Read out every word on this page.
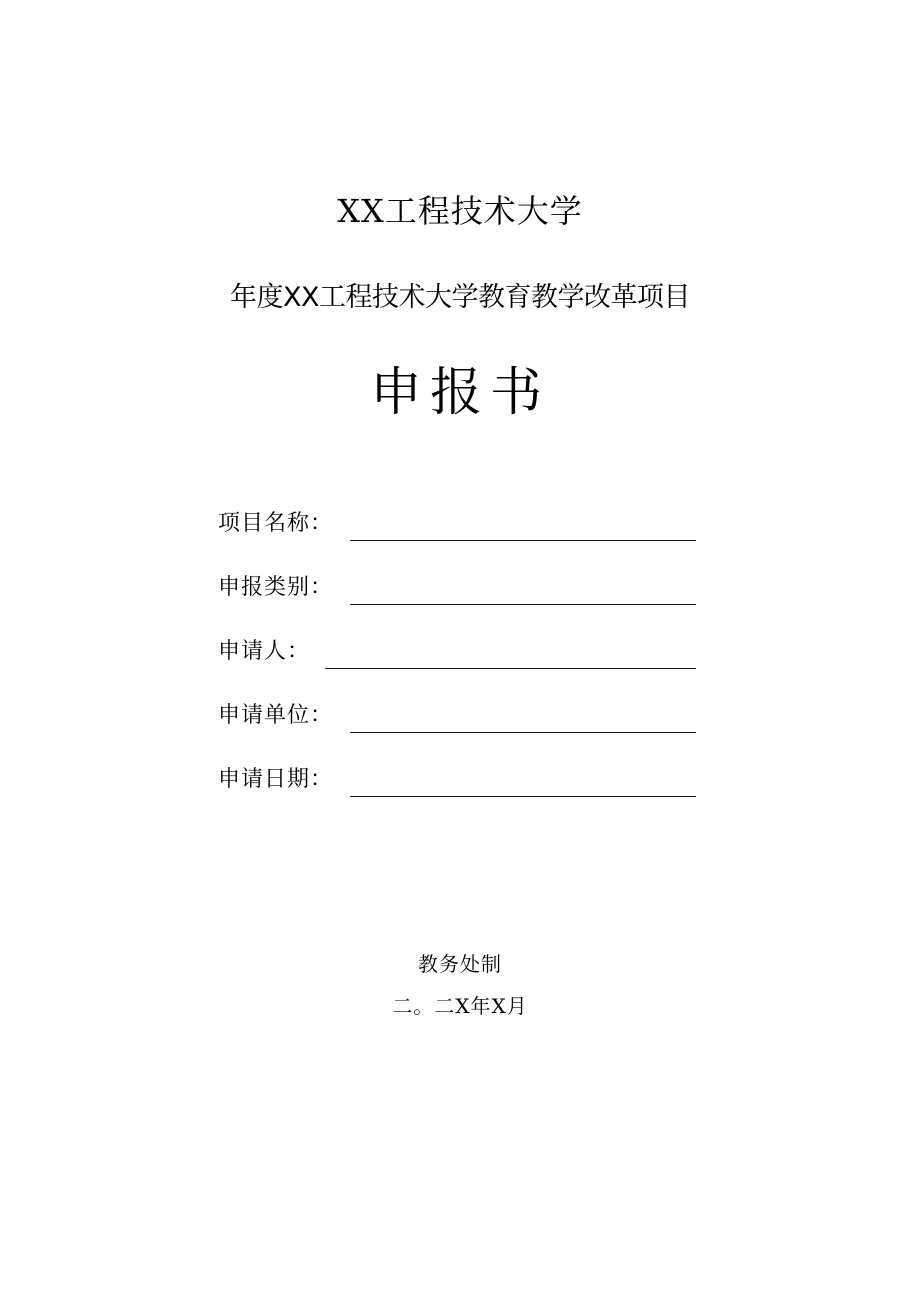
XX工程技术大学
年度XX工程技术大学教育教学改革项目
申报书
项目名称：
申报类别：
申请人：
申请单位：
申请日期：
教务处制
二。二X年X月
